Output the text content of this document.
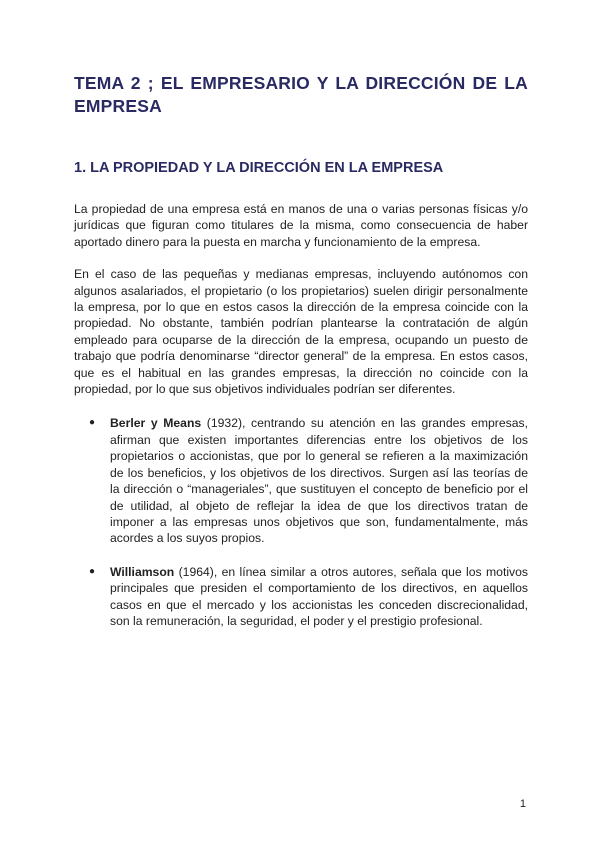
TEMA 2 ; EL EMPRESARIO Y LA DIRECCIÓN DE LA EMPRESA
1. LA PROPIEDAD Y LA DIRECCIÓN EN LA EMPRESA

La propiedad de una empresa está en manos de una o varias personas físicas y/o jurídicas que figuran como titulares de la misma, como consecuencia de haber aportado dinero para la puesta en marcha y funcionamiento de la empresa.

En el caso de las pequeñas y medianas empresas, incluyendo autónomos con algunos asalariados, el propietario (o los propietarios) suelen dirigir personalmente la empresa, por lo que en estos casos la dirección de la empresa coincide con la propiedad. No obstante, también podrían plantearse la contratación de algún empleado para ocuparse de la dirección de la empresa, ocupando un puesto de trabajo que podría denominarse “director general” de la empresa. En estos casos, que es el habitual en las grandes empresas, la dirección no coincide con la propiedad, por lo que sus objetivos individuales podrían ser diferentes.

● Berler y Means (1932), centrando su atención en las grandes empresas, afirman que existen importantes diferencias entre los objetivos de los propietarios o accionistas, que por lo general se refieren a la maximización de los beneficios, y los objetivos de los directivos. Surgen así las teorías de la dirección o “manageriales”, que sustituyen el concepto de beneficio por el de utilidad, al objeto de reflejar la idea de que los directivos tratan de imponer a las empresas unos objetivos que son, fundamentalmente, más acordes a los suyos propios.
● Williamson (1964), en línea similar a otros autores, señala que los motivos principales que presiden el comportamiento de los directivos, en aquellos casos en que el mercado y los accionistas les conceden discrecionalidad, son la remuneración, la seguridad, el poder y el prestigio profesional.
1
